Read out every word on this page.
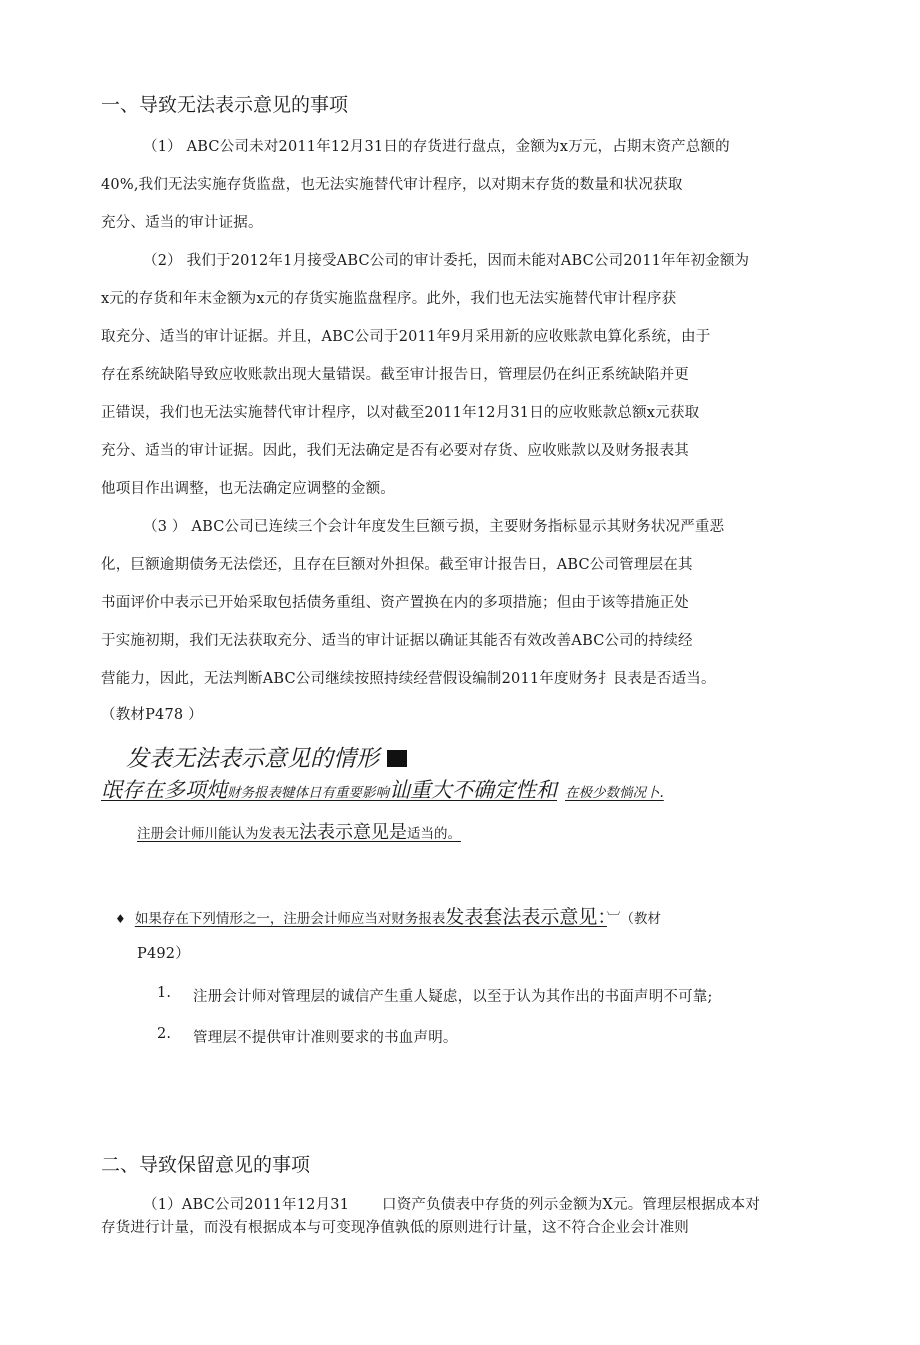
一、导致无法表示意见的事项
（1） ABC公司未对2011年12月31日的存货进行盘点，金额为x万元，占期末资产总额的
40%,我们无法实施存货监盘，也无法实施替代审计程序，以对期末存货的数量和状况获取
充分、适当的审计证据。
（2） 我们于2012年1月接受ABC公司的审计委托，因而未能对ABC公司2011年年初金额为
x元的存货和年末金额为x元的存货实施监盘程序。此外，我们也无法实施替代审计程序获
取充分、适当的审计证据。并且，ABC公司于2011年9月采用新的应收账款电算化系统，由于
存在系统缺陷导致应收账款出现大量错误。截至审计报告日，管理层仍在纠正系统缺陷并更
正错误，我们也无法实施替代审计程序，以对截至2011年12月31日的应收账款总额x元获取
充分、适当的审计证据。因此，我们无法确定是否有必要对存货、应收账款以及财务报表其
他项目作出调整，也无法确定应调整的金额。
（3 ） ABC公司已连续三个会计年度发生巨额亏损，主要财务指标显示其财务状况严重恶
化，巨额逾期债务无法偿还，且存在巨额对外担保。截至审计报告日，ABC公司管理层在其
书面评价中表示已开始采取包括债务重组、资产置换在内的多项措施；但由于该等措施正处
于实施初期，我们无法获取充分、适当的审计证据以确证其能否有效改善ABC公司的持续经
营能力，因此，无法判断ABC公司继续按照持续经营假设编制2011年度财务扌艮表是否适当。
（教材P478 ）
发表无法表示意见的情形
氓存在多项炖财务报表犍体日有重要影响讪重大不确定性和 在极少数惝况卜.
注册会计师川能认为发表无法表示意见是适当的。
♦ 如果存在下列情形之一，注册会计师应当对财务报表发表套法表示意见：︺（教材
P492）
1. 注册会计师对管理层的诚信产生重人疑虑，以至于认为其作出的书面声明不可靠;
2. 管理层不提供审计准则要求的书血声明。
二、导致保留意见的事项
（1）ABC公司2011年12月31 口资产负债表中存货的列示金额为X元。管理层根据成本对
存货进行计量，而没有根据成本与可变现净值孰低的原则进行计量，这不符合企业会计准则
